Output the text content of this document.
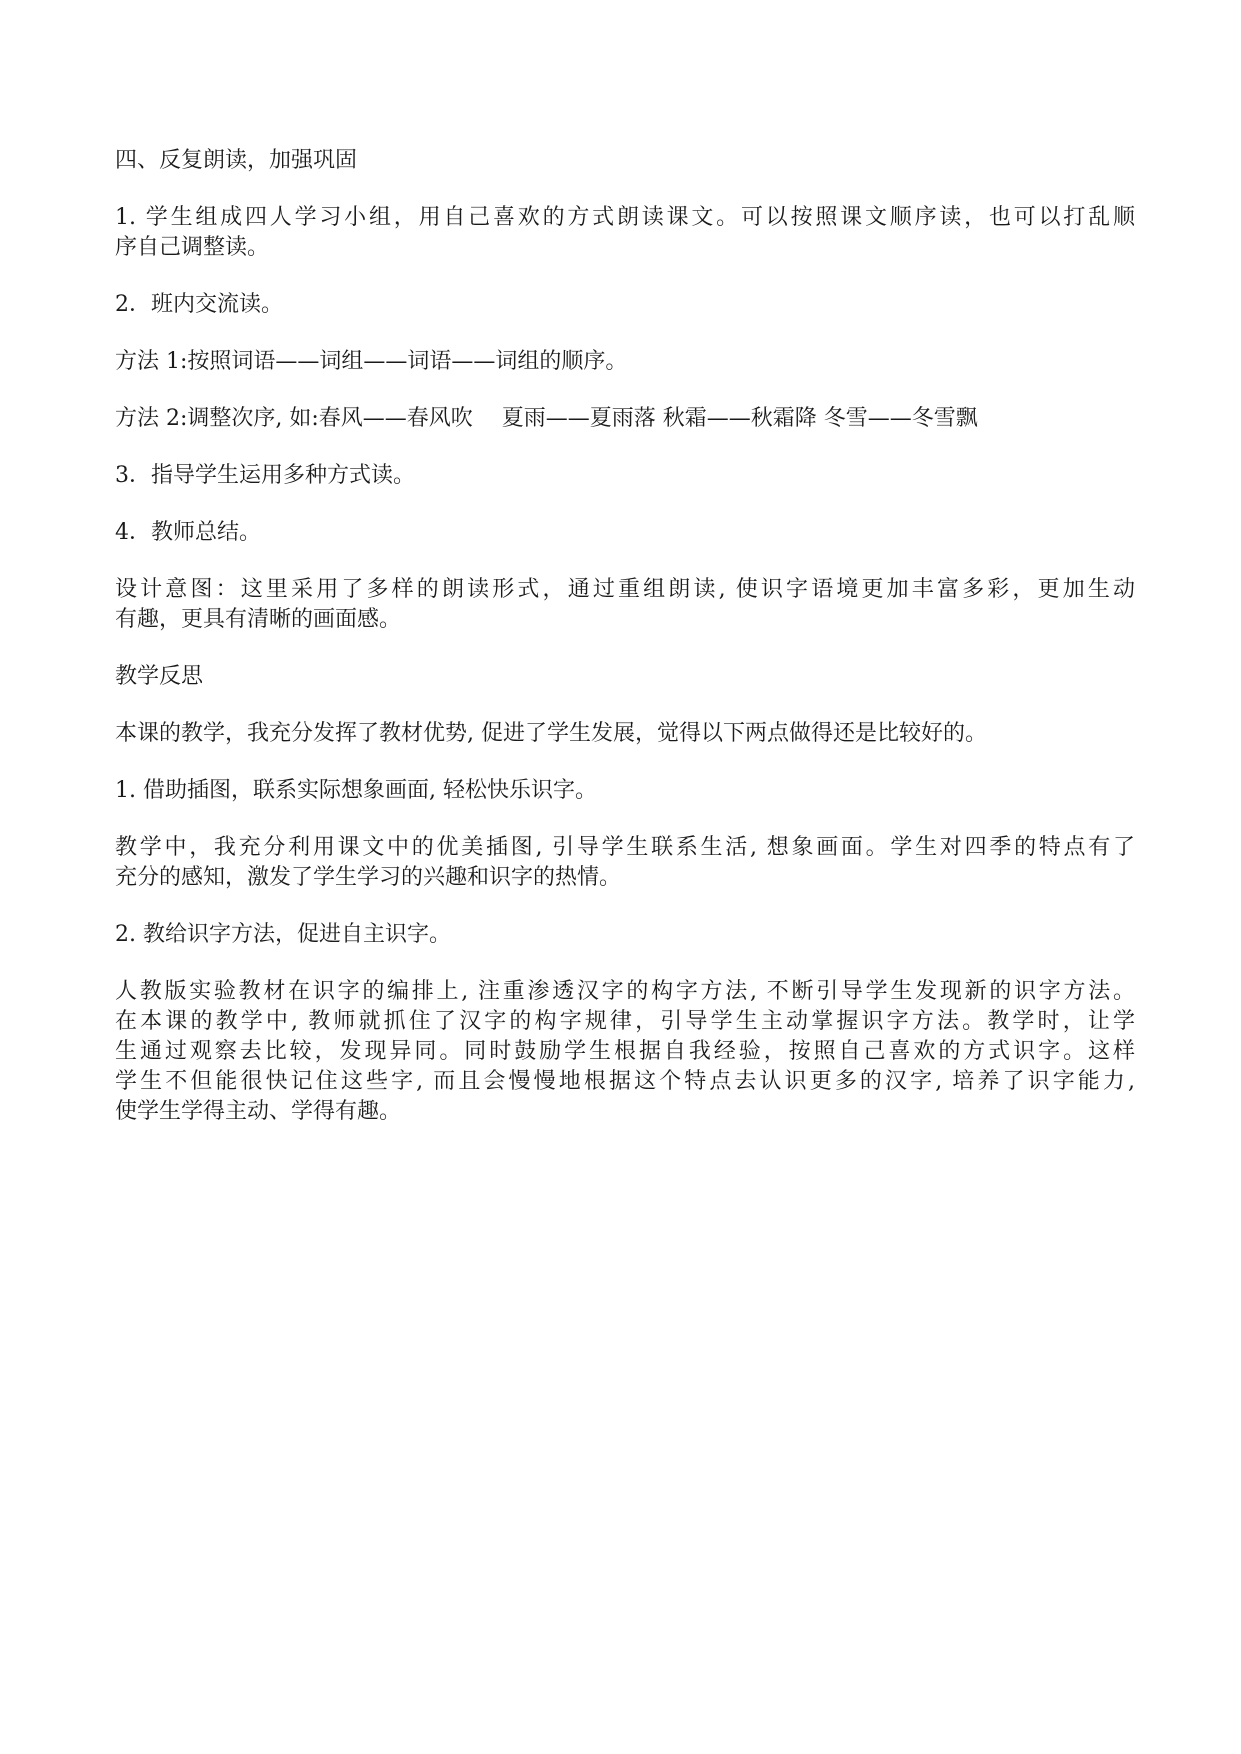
四、反复朗读，加强巩固

1. 学生组成四人学习小组，用自己喜欢的方式朗读课文。可以按照课文顺序读，也可以打乱顺
序自己调整读。

2．班内交流读。

方法 1:按照词语——词组——词语——词组的顺序。

方法 2:调整次序, 如:春风——春风吹　 夏雨——夏雨落 秋霜——秋霜降 冬雪——冬雪飘

3．指导学生运用多种方式读。

4．教师总结。

设计意图：这里采用了多样的朗读形式，通过重组朗读, 使识字语境更加丰富多彩，更加生动
有趣，更具有清晰的画面感。

教学反思

本课的教学，我充分发挥了教材优势, 促进了学生发展，觉得以下两点做得还是比较好的。

1. 借助插图，联系实际想象画面, 轻松快乐识字。

教学中，我充分利用课文中的优美插图, 引导学生联系生活, 想象画面。学生对四季的特点有了
充分的感知，激发了学生学习的兴趣和识字的热情。

2. 教给识字方法，促进自主识字。

人教版实验教材在识字的编排上, 注重渗透汉字的构字方法, 不断引导学生发现新的识字方法。
在本课的教学中, 教师就抓住了汉字的构字规律，引导学生主动掌握识字方法。教学时，让学
生通过观察去比较，发现异同。同时鼓励学生根据自我经验，按照自己喜欢的方式识字。这样
学生不但能很快记住这些字, 而且会慢慢地根据这个特点去认识更多的汉字, 培养了识字能力,
使学生学得主动、学得有趣。
